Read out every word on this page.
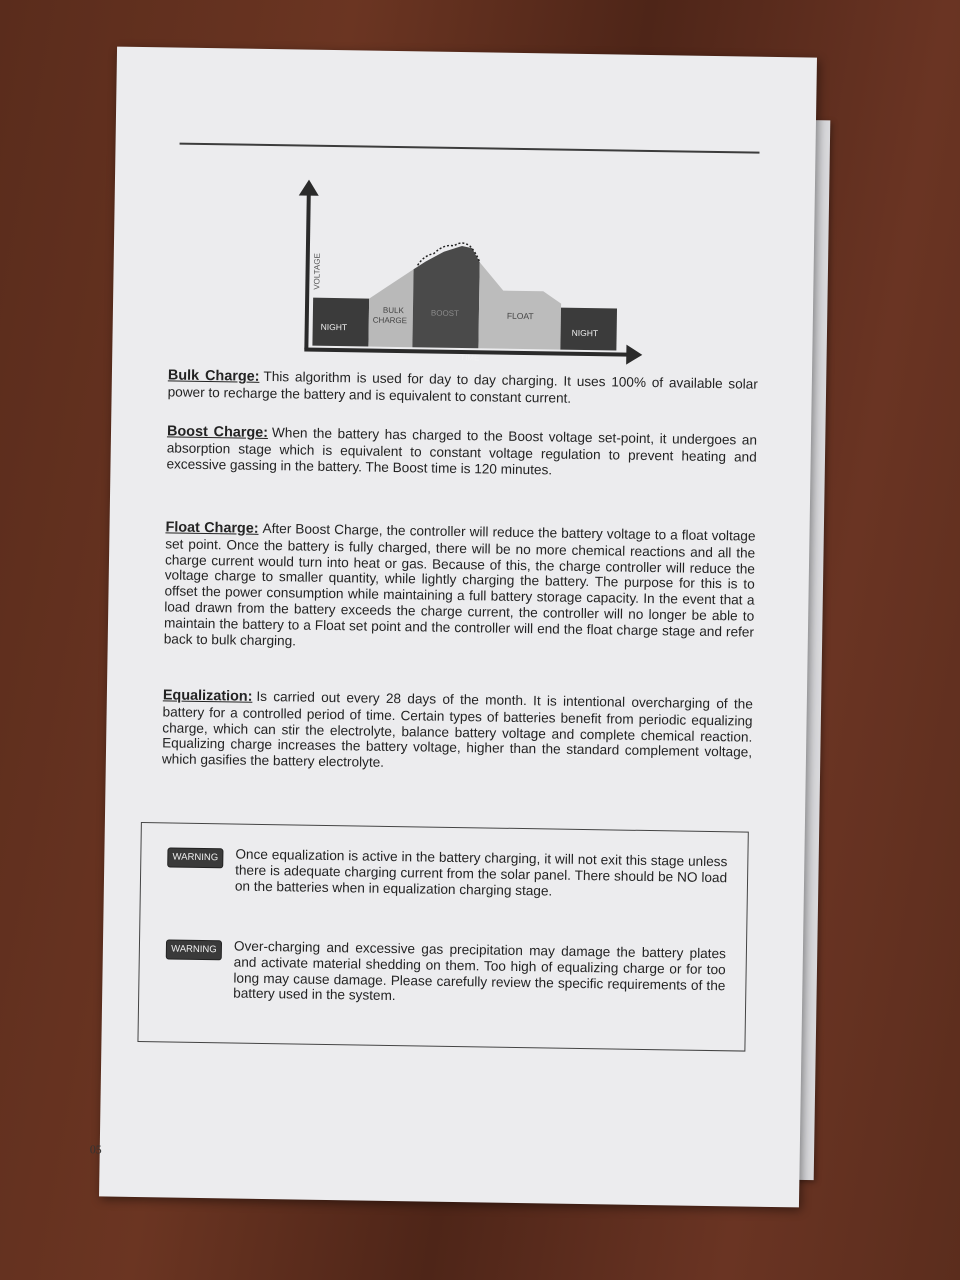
VOLTAGE
TIME
NIGHT
BULK CHARGE
BOOST	FLOAT
NIGHT
Bulk Charge: This algorithm is used for day to day charging. It uses 100% of available solar power to recharge the battery and is equivalent to constant current.
Boost Charge: When the battery has charged to the Boost voltage set-point, it undergoes an absorption stage which is equivalent to constant voltage regulation to prevent heating and excessive gassing in the battery. The Boost time is 120 minutes.
Float Charge: After Boost Charge, the controller will reduce the battery voltage to a float voltage set point. Once the battery is fully charged, there will be no more chemical reactions and all the charge current would turn into heat or gas. Because of this, the charge controller will reduce the voltage charge to smaller quantity, while lightly charging the battery. The purpose for this is to offset the power consumption while maintaining a full battery storage capacity. In the event that a load drawn from the battery exceeds the charge current, the controller will no longer be able to maintain the battery to a Float set point and the controller will end the float charge stage and refer back to bulk charging.
Equalization: Is carried out every 28 days of the month. It is intentional overcharging of the battery for a controlled period of time. Certain types of batteries benefit from periodic equalizing charge, which can stir the electrolyte, balance battery voltage and complete chemical reaction. Equalizing charge increases the battery voltage, higher than the standard complement voltage, which gasifies the battery electrolyte.
WARNING	Once equalization is active in the battery charging, it will not exit this stage unless there is adequate charging current from the solar panel. There should be NO load on the batteries when in equalization charging stage.
WARNING	Over-charging and excessive gas precipitation may damage the battery plates and activate material shedding on them. Too high of equalizing charge or for too long may cause damage. Please carefully review the specific requirements of the battery used in the system.
05
